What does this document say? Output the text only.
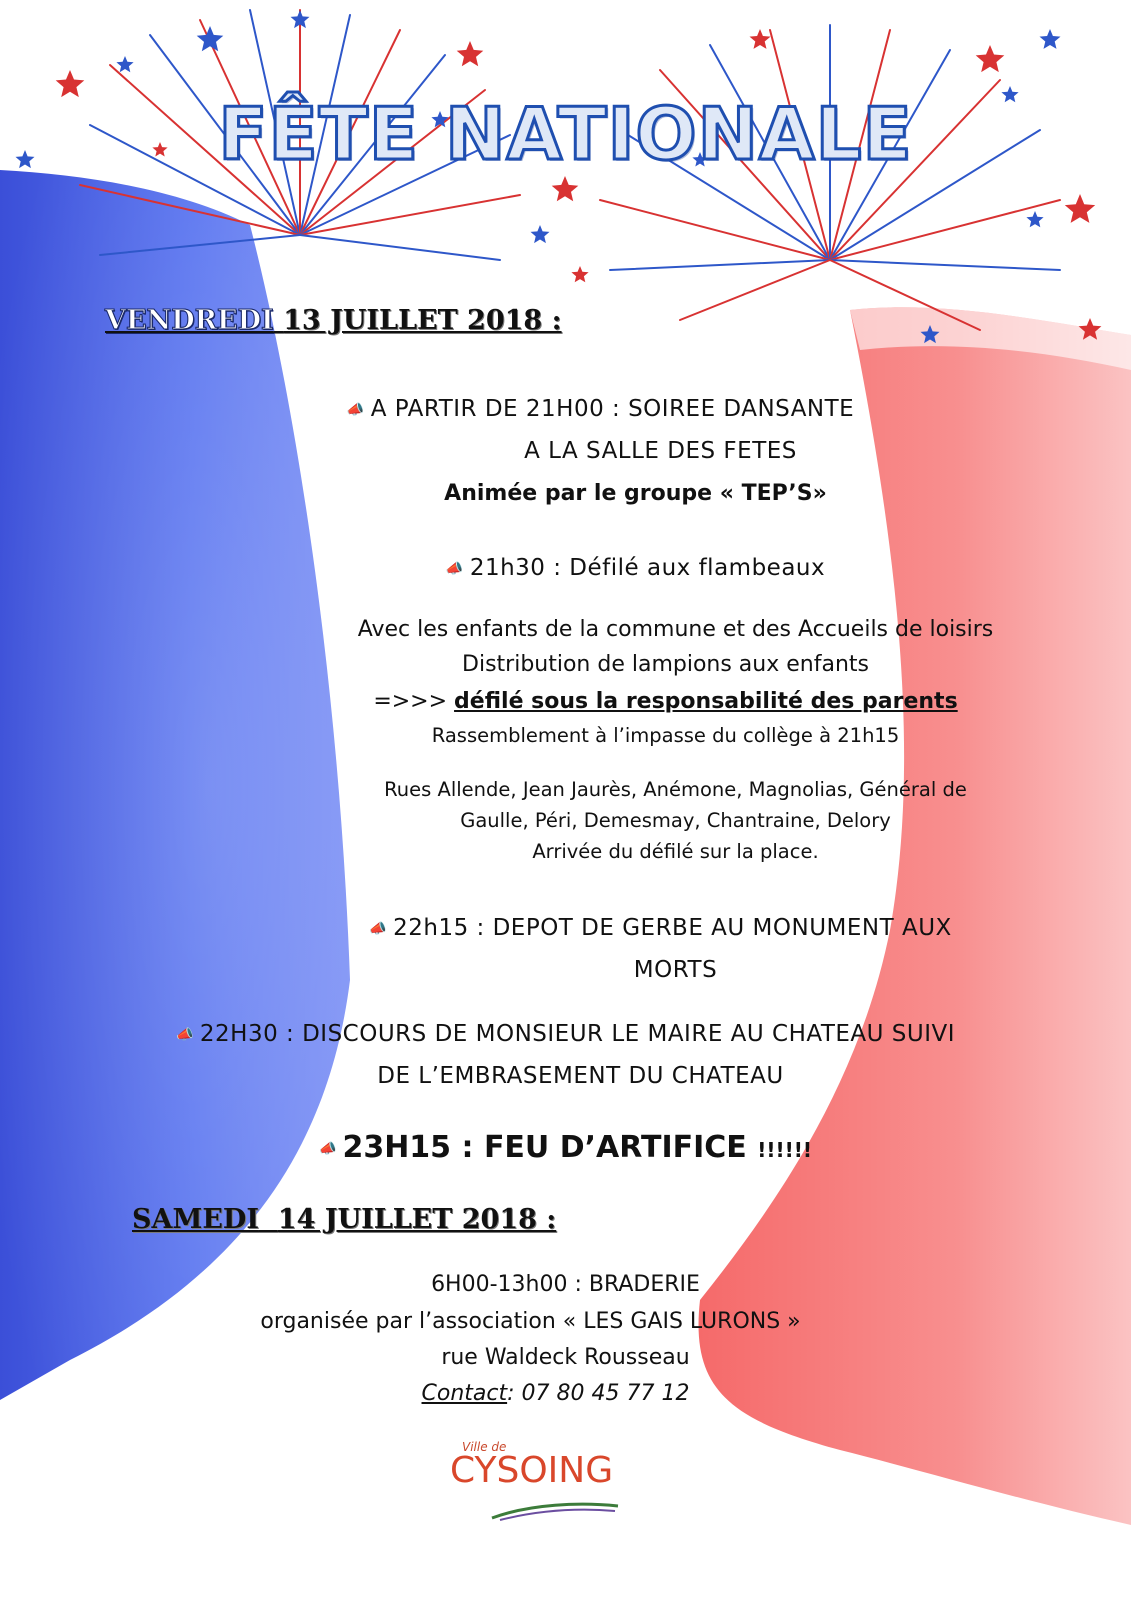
FÊTE NATIONALE
VENDREDI 13 JUILLET 2018 :
📣 A PARTIR DE 21H00 : SOIREE DANSANTE
A LA SALLE DES FETES
Animée par le groupe « TEP’S»
📣 21h30 : Défilé aux flambeaux
Avec les enfants de la commune et des Accueils de loisirs
Distribution de lampions aux enfants
=>>> défilé sous la responsabilité des parents
Rassemblement à l’impasse du collège à 21h15
Rues Allende, Jean Jaurès, Anémone, Magnolias, Général de
Gaulle, Péri, Demesmay, Chantraine, Delory
Arrivée du défilé sur la place.
📣 22h15 : DEPOT DE GERBE AU MONUMENT AUX
MORTS
📣 22H30 : DISCOURS DE MONSIEUR LE MAIRE AU CHATEAU SUIVI
DE L’EMBRASEMENT DU CHATEAU
📣 23H15 : FEU D’ARTIFICE !!!!!!
SAMEDI 14 JUILLET 2018 :
6H00-13h00 : BRADERIE
organisée par l’association « LES GAIS LURONS »
rue Waldeck Rousseau
Contact: 07 80 45 77 12
Ville de
CYSOING
